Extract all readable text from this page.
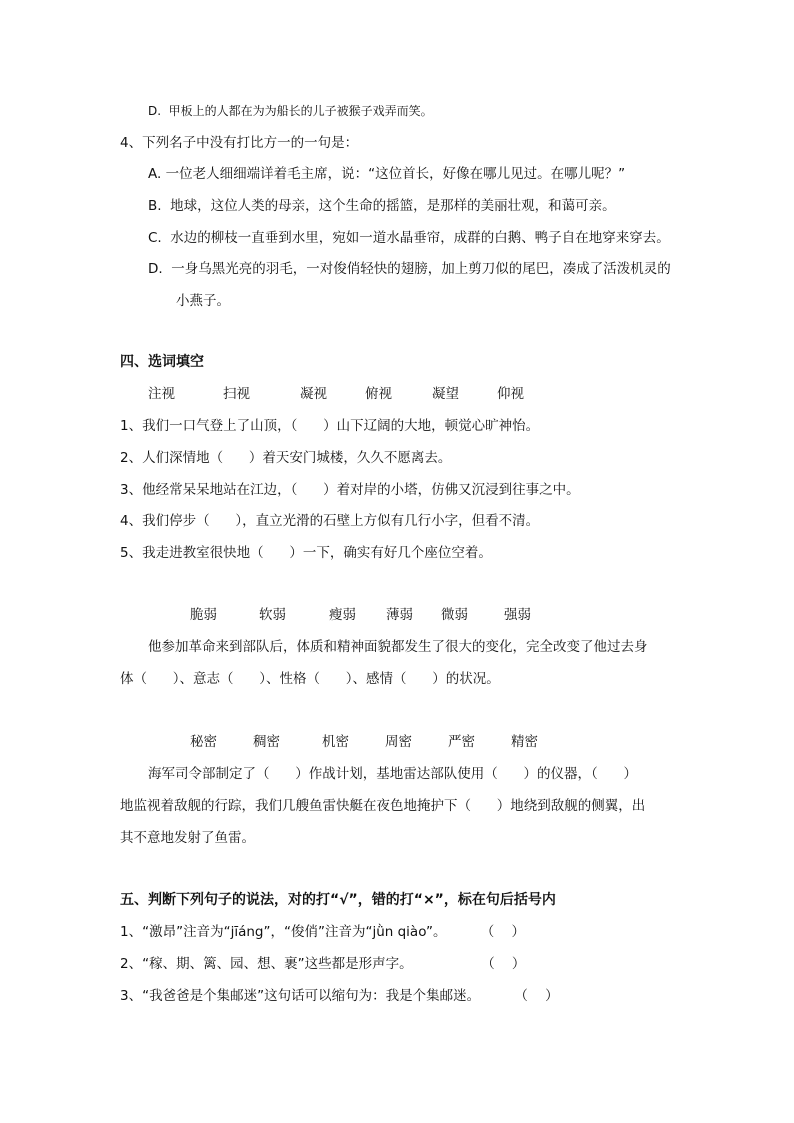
D.  甲板上的人都在为为船长的儿子被猴子戏弄而笑。
4、下列名子中没有打比方一的一句是：
A. 一位老人细细端详着毛主席，说：“这位首长，好像在哪儿见过。在哪儿呢？”
B.  地球，这位人类的母亲，这个生命的摇篮，是那样的美丽壮观，和蔼可亲。
C.  水边的柳枝一直垂到水里，宛如一道水晶垂帘，成群的白鹅、鸭子自在地穿来穿去。
D.  一身乌黑光亮的羽毛，一对俊俏轻快的翅膀，加上剪刀似的尾巴，凑成了活泼机灵的
小燕子。
四、选词填空
注视	扫视	凝视	俯视	凝望	仰视
1、我们一口气登上了山顶，（      ）山下辽阔的大地，顿觉心旷神怡。
2、人们深情地（      ）着天安门城楼，久久不愿离去。
3、他经常呆呆地站在江边，（      ）着对岸的小塔，仿佛又沉浸到往事之中。
4、我们停步（      ），直立光滑的石壁上方似有几行小字，但看不清。
5、我走进教室很快地（      ）一下，确实有好几个座位空着。
脆弱	软弱	瘦弱 薄弱 微弱	强弱
他参加革命来到部队后，体质和精神面貌都发生了很大的变化，完全改变了他过去身
体（      ）、意志（      ）、性格（      ）、感情（      ）的状况。
秘密	稠密	机密	周密	严密	精密
海军司令部制定了（      ）作战计划，基地雷达部队使用（      ）的仪器，（      ）
地监视着敌舰的行踪，我们几艘鱼雷快艇在夜色地掩护下（      ）地绕到敌舰的侧翼，出
其不意地发射了鱼雷。
五、判断下列句子的说法，对的打“√”，错的打“×”，标在句后括号内
1、“激昂”注音为“jīáng”，“俊俏”注音为“jǜn qiào”。        （    ）
2、“稼、期、篱、园、想、裹”这些都是形声字。                （    ）
3、“我爸爸是个集邮迷”这句话可以缩句为：我是个集邮迷。        （    ）
